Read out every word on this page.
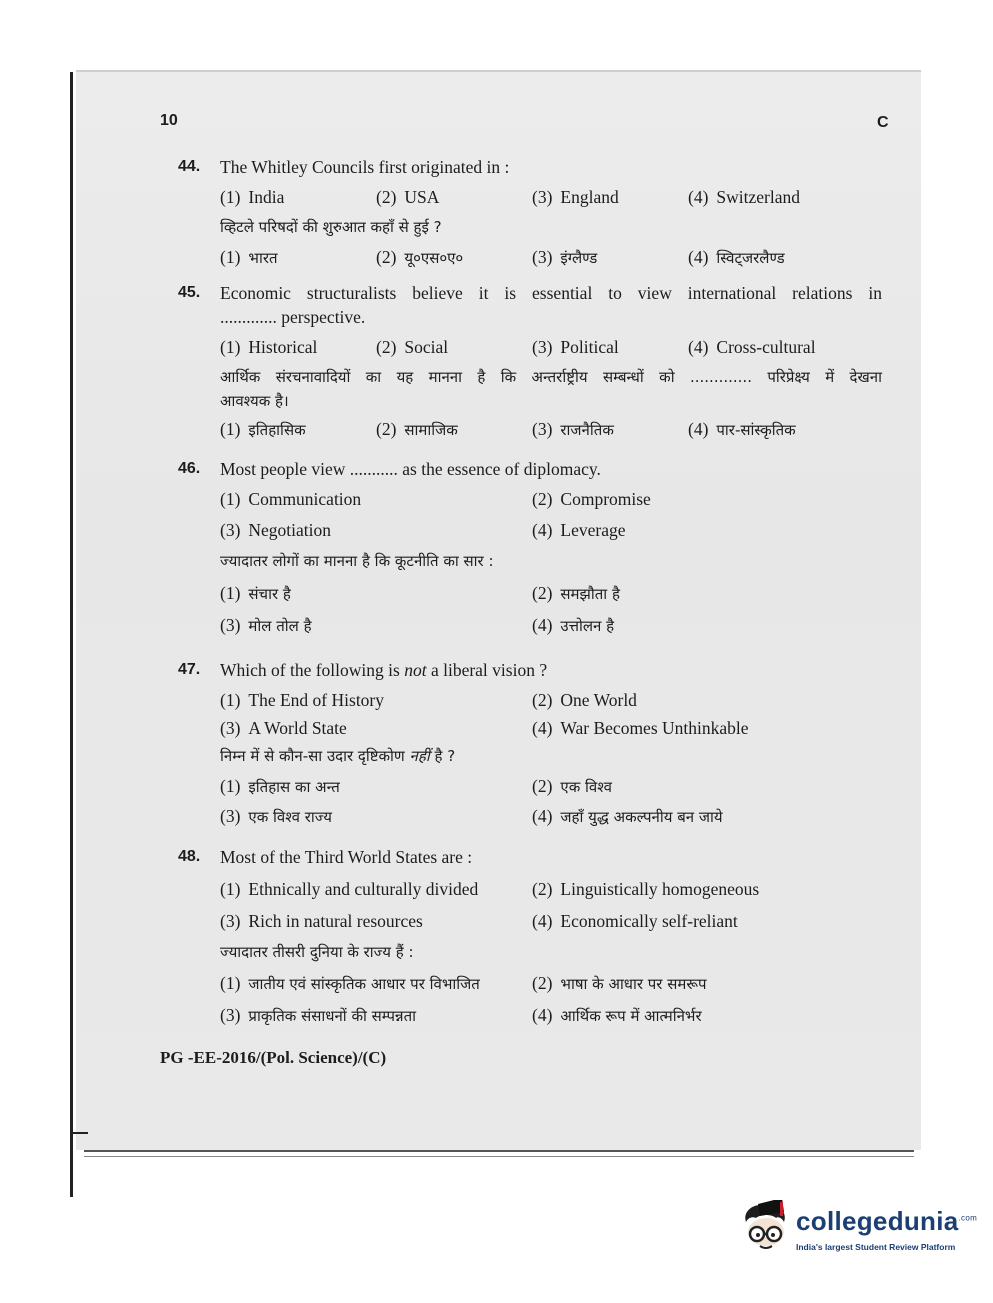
10	C
44. The Whitley Councils first originated in :
(1) India	(2) USA	(3) England	(4) Switzerland
व्हिटले परिषदों की शुरुआत कहाँ से हुई ?
(1) भारत	(2) यू०एस०ए०	(3) इंग्लैण्ड	(4) स्विट्जरलैण्ड
45. Economic structuralists believe it is essential to view international relations in
............. perspective.
(1) Historical	(2) Social	(3) Political	(4) Cross-cultural
आर्थिक संरचनावादियों का यह मानना है कि अन्तर्राष्ट्रीय सम्बन्धों को ............. परिप्रेक्ष्य में देखना
आवश्यक है।
(1) इतिहासिक	(2) सामाजिक	(3) राजनैतिक	(4) पार-सांस्कृतिक
46. Most people view ........... as the essence of diplomacy.
(1) Communication	(2) Compromise
(3) Negotiation	(4) Leverage
ज्यादातर लोगों का मानना है कि कूटनीति का सार :
(1) संचार है	(2) समझौता है
(3) मोल तोल है	(4) उत्तोलन है
47. Which of the following is not a liberal vision ?
(1) The End of History	(2) One World
(3) A World State	(4) War Becomes Unthinkable
निम्न में से कौन-सा उदार दृष्टिकोण नहीं है ?
(1) इतिहास का अन्त	(2) एक विश्व
(3) एक विश्व राज्य	(4) जहाँ युद्ध अकल्पनीय बन जाये
48. Most of the Third World States are :
(1) Ethnically and culturally divided	(2) Linguistically homogeneous
(3) Rich in natural resources	(4) Economically self-reliant
ज्यादातर तीसरी दुनिया के राज्य हैं :
(1) जातीय एवं सांस्कृतिक आधार पर विभाजित	(2) भाषा के आधार पर समरूप
(3) प्राकृतिक संसाधनों की सम्पन्नता	(4) आर्थिक रूप में आत्मनिर्भर
PG -EE-2016/(Pol. Science)/(C)
collegedunia$^{.com}$
India's largest Student Review Platform
